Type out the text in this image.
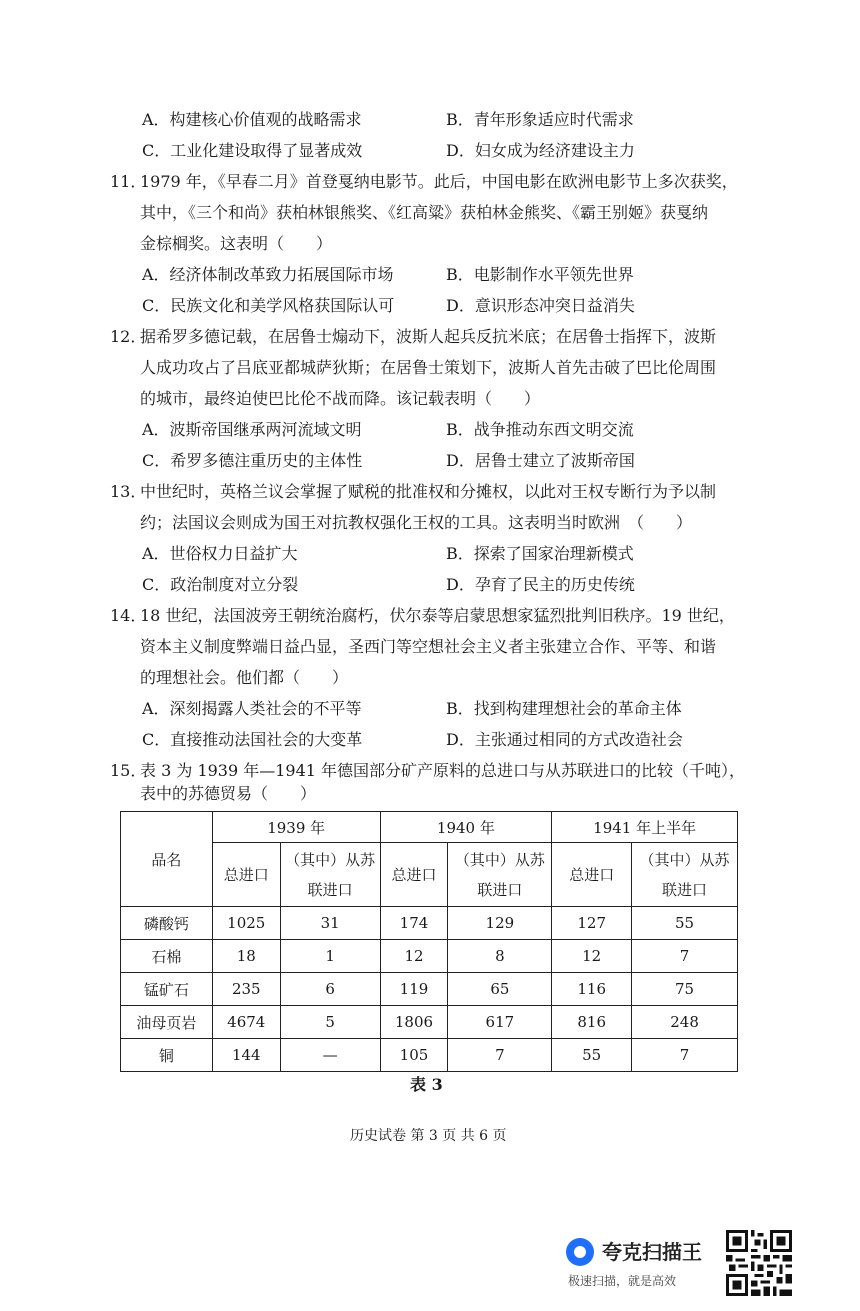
A．构建核心价值观的战略需求	B．青年形象适应时代需求
C．工业化建设取得了显著成效	D．妇女成为经济建设主力
11．1979 年，《早春二月》首登戛纳电影节。此后，中国电影在欧洲电影节上多次获奖，
其中，《三个和尚》获柏林银熊奖、《红高粱》获柏林金熊奖、《霸王别姬》获戛纳
金棕榈奖。这表明（　　）
A．经济体制改革致力拓展国际市场	B．电影制作水平领先世界
C．民族文化和美学风格获国际认可	D．意识形态冲突日益消失
12．据希罗多德记载，在居鲁士煽动下，波斯人起兵反抗米底；在居鲁士指挥下，波斯
人成功攻占了吕底亚都城萨狄斯；在居鲁士策划下，波斯人首先击破了巴比伦周围
的城市，最终迫使巴比伦不战而降。该记载表明（　　）
A．波斯帝国继承两河流域文明	B．战争推动东西文明交流
C．希罗多德注重历史的主体性	D．居鲁士建立了波斯帝国
13．中世纪时，英格兰议会掌握了赋税的批准权和分摊权，以此对王权专断行为予以制
约；法国议会则成为国王对抗教权强化王权的工具。这表明当时欧洲　（　　）
A．世俗权力日益扩大	B．探索了国家治理新模式
C．政治制度对立分裂	D．孕育了民主的历史传统
14．18 世纪，法国波旁王朝统治腐朽，伏尔泰等启蒙思想家猛烈批判旧秩序。19 世纪，
资本主义制度弊端日益凸显，圣西门等空想社会主义者主张建立合作、平等、和谐
的理想社会。他们都（　　）
A．深刻揭露人类社会的不平等	B．找到构建理想社会的革命主体
C．直接推动法国社会的大变革	D．主张通过相同的方式改造社会
15．表 3 为 1939 年—1941 年德国部分矿产原料的总进口与从苏联进口的比较（千吨），
表中的苏德贸易（　　）
品名	1939 年		1940 年		1941 年上半年	
	总进口	（其中）从苏联进口	总进口	（其中）从苏联进口	总进口	（其中）从苏联进口
磷酸钙	1025	31	174	129	127	55
石棉	18	1	12	8	12	7
锰矿石	235	6	119	65	116	75
油母页岩	4674	5	1806	617	816	248
铜	144	—	105	7	55	7
表 3
历史试卷 第 3 页 共 6 页
夸克扫描王
极速扫描，就是高效
